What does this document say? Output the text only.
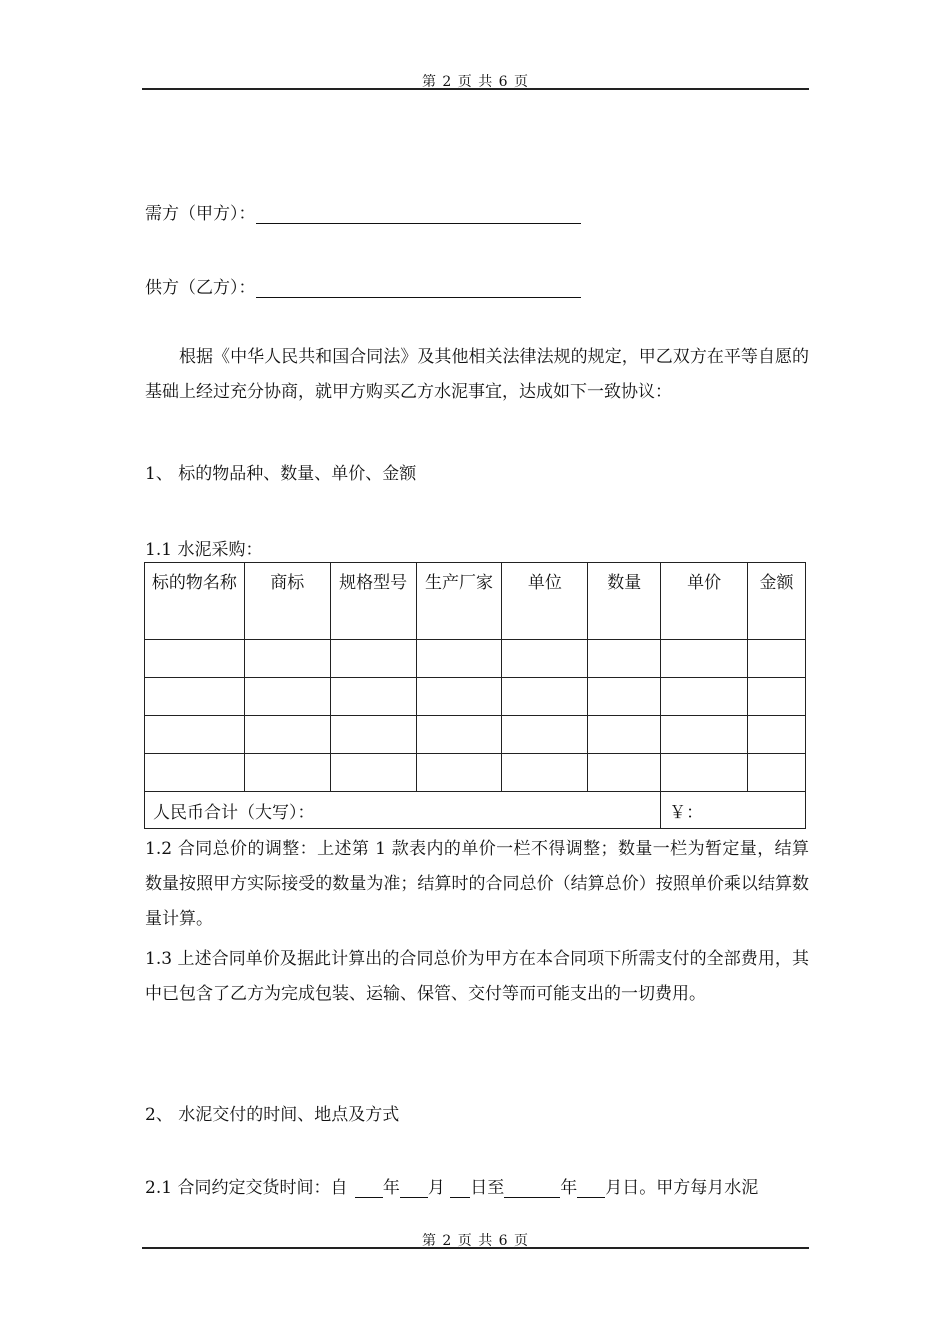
第 2 页 共 6 页
需方（甲方）：
供方（乙方）：
根据《中华人民共和国合同法》及其他相关法律法规的规定，甲乙双方在平等自愿的基础上经过充分协商，就甲方购买乙方水泥事宜，达成如下一致协议：
1、 标的物品种、数量、单价、金额
1.1 水泥采购：
标的物名称	商标	规格型号	生产厂家	单位	数量	单价	金额

人民币合计（大写）：						￥：	
1.2 合同总价的调整：上述第 1 款表内的单价一栏不得调整；数量一栏为暂定量，结算数量按照甲方实际接受的数量为准；结算时的合同总价（结算总价）按照单价乘以结算数量计算。
1.3 上述合同单价及据此计算出的合同总价为甲方在本合同项下所需支付的全部费用，其中已包含了乙方为完成包装、运输、保管、交付等而可能支出的一切费用。
2、 水泥交付的时间、地点及方式
2.1 合同约定交货时间：自 年 月 日至	年 月日。甲方每月水泥
第 2 页 共 6 页
